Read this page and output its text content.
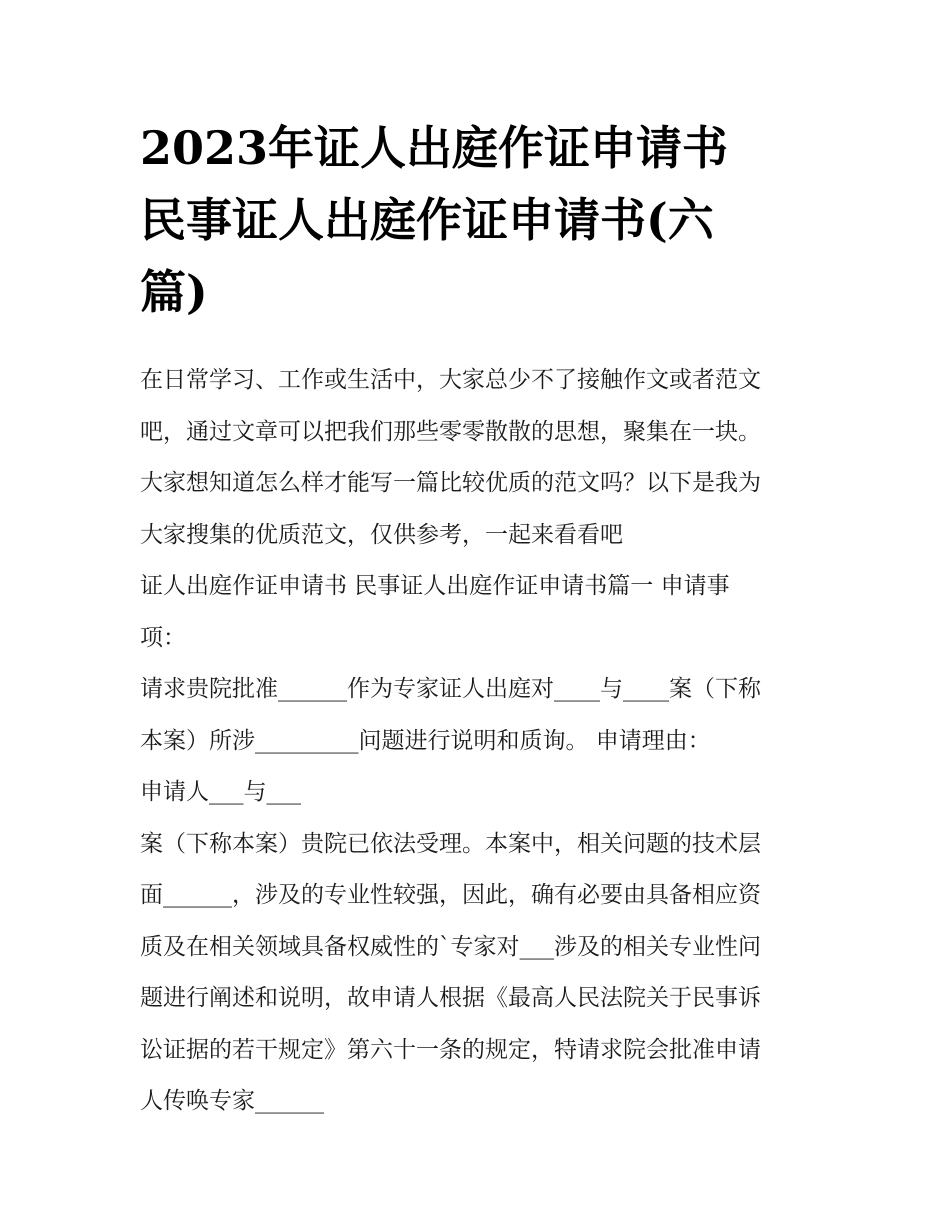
2023年证人出庭作证申请书
民事证人出庭作证申请书(六
篇)
在日常学习、工作或生活中，大家总少不了接触作文或者范文
吧，通过文章可以把我们那些零零散散的思想，聚集在一块。
大家想知道怎么样才能写一篇比较优质的范文吗？以下是我为
大家搜集的优质范文，仅供参考，一起来看看吧
证人出庭作证申请书 民事证人出庭作证申请书篇一 申请事
项：
请求贵院批准______作为专家证人出庭对____与____案（下称
本案）所涉_________问题进行说明和质询。 申请理由：
申请人___与___
案（下称本案）贵院已依法受理。本案中，相关问题的技术层
面______，涉及的专业性较强，因此，确有必要由具备相应资
质及在相关领域具备权威性的`专家对___涉及的相关专业性问
题进行阐述和说明，故申请人根据《最高人民法院关于民事诉
讼证据的若干规定》第六十一条的规定，特请求院会批准申请
人传唤专家______
